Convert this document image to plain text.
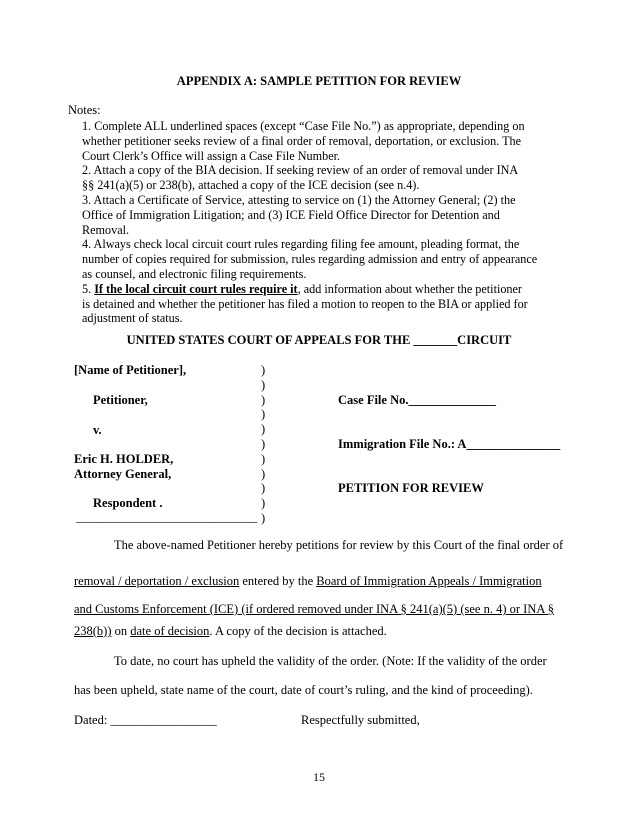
APPENDIX A: SAMPLE PETITION FOR REVIEW
Notes:
1. Complete ALL underlined spaces (except “Case File No.”) as appropriate, depending on
whether petitioner seeks review of a final order of removal, deportation, or exclusion. The
Court Clerk’s Office will assign a Case File Number.
2. Attach a copy of the BIA decision. If seeking review of an order of removal under INA
§§ 241(a)(5) or 238(b), attached a copy of the ICE decision (see n.4).
3. Attach a Certificate of Service, attesting to service on (1) the Attorney General; (2) the
Office of Immigration Litigation; and (3) ICE Field Office Director for Detention and
Removal.
4. Always check local circuit court rules regarding filing fee amount, pleading format, the
number of copies required for submission, rules regarding admission and entry of appearance
as counsel, and electronic filing requirements.
5. If the local circuit court rules require it, add information about whether the petitioner
is detained and whether the petitioner has filed a motion to reopen to the BIA or applied for
adjustment of status.
UNITED STATES COURT OF APPEALS FOR THE _______CIRCUIT
[Name of Petitioner],
Petitioner,
v.
Eric H. HOLDER,
Attorney General,
Respondent .
_____________________________
)
)
)
)
)
)
)
)
)
)
)
Case File No.______________
Immigration File No.: A_______________
PETITION FOR REVIEW
The above-named Petitioner hereby petitions for review by this Court of the final order of
removal / deportation / exclusion entered by the Board of Immigration Appeals / Immigration
and Customs Enforcement (ICE) (if ordered removed under INA § 241(a)(5) (see n. 4) or INA §
238(b)) on date of decision. A copy of the decision is attached.
To date, no court has upheld the validity of the order. (Note: If the validity of the order
has been upheld, state name of the court, date of court’s ruling, and the kind of proceeding).
Dated: _________________	Respectfully submitted,
15
